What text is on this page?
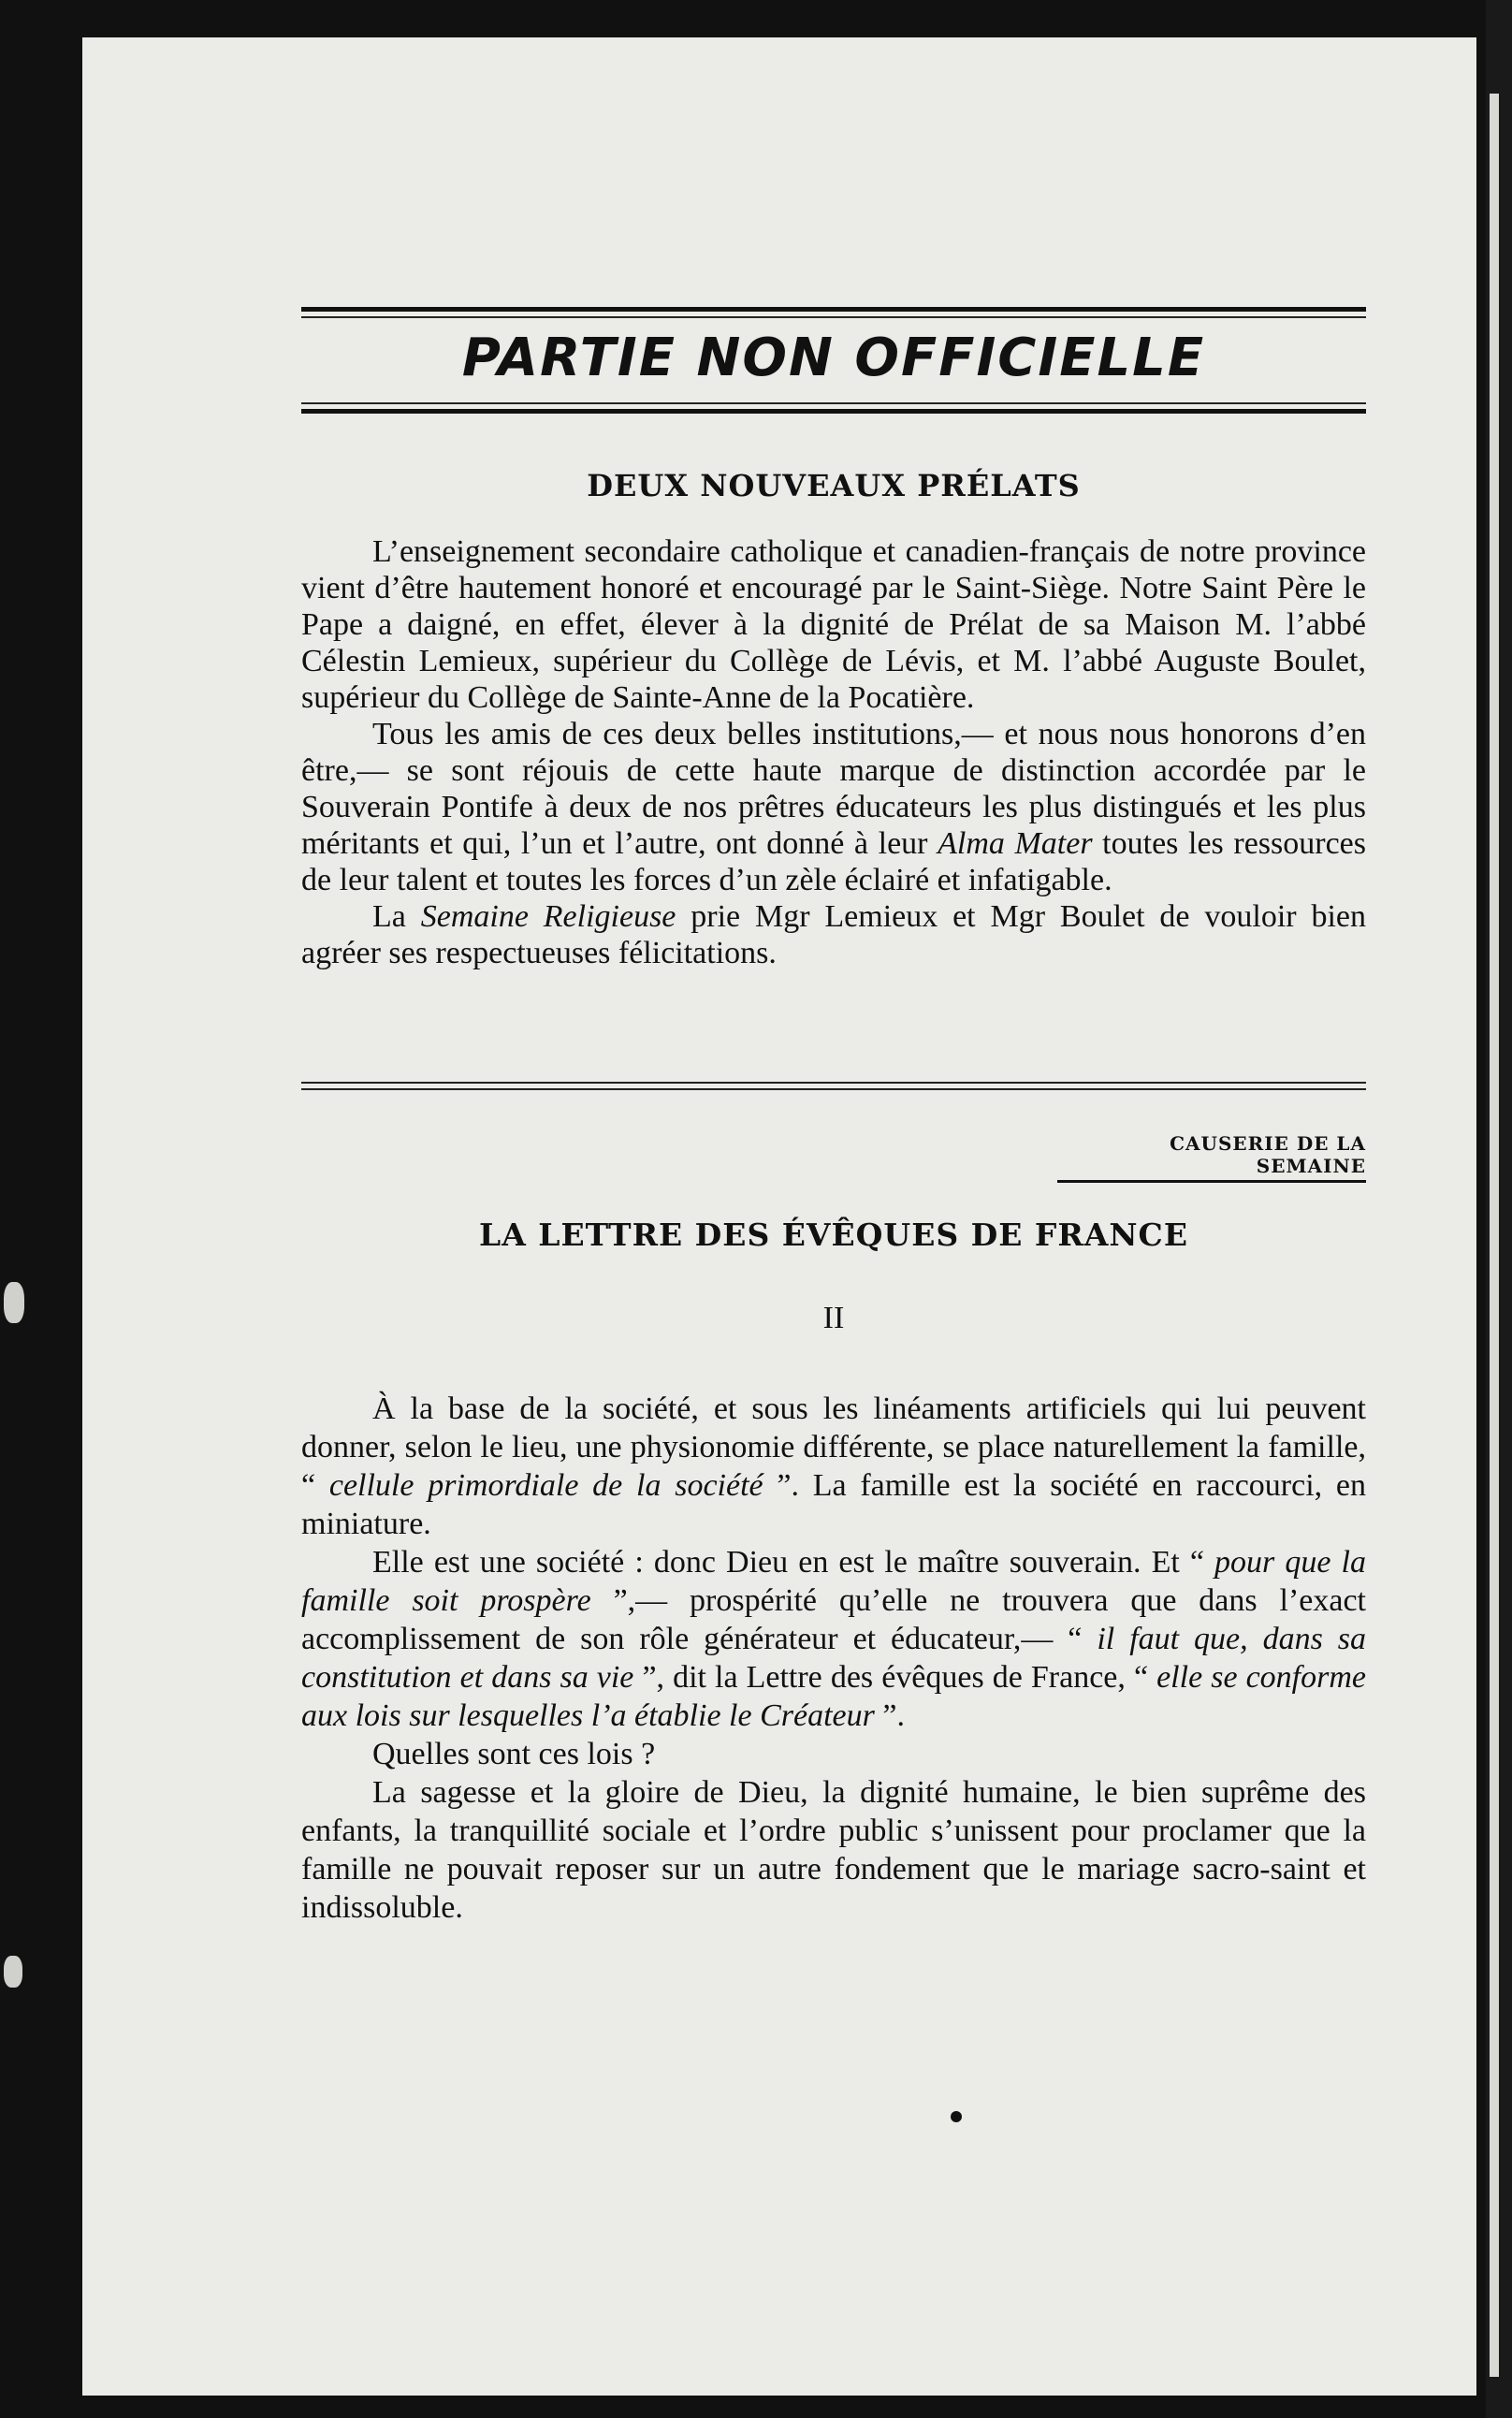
PARTIE NON OFFICIELLE
DEUX NOUVEAUX PRÉLATS

L’enseignement secondaire catholique et canadien-français de notre province vient d’être hautement honoré et encouragé par le Saint-Siège. Notre Saint Père le Pape a daigné, en effet, élever à la dignité de Prélat de sa Maison M. l’abbé Célestin Lemieux, supérieur du Collège de Lévis, et M. l’abbé Auguste Boulet, supérieur du Collège de Sainte-Anne de la Pocatière.

Tous les amis de ces deux belles institutions,— et nous nous honorons d’en être,— se sont réjouis de cette haute marque de distinction accordée par le Souverain Pontife à deux de nos prêtres éducateurs les plus distingués et les plus méritants et qui, l’un et l’autre, ont donné à leur Alma Mater toutes les ressources de leur talent et toutes les forces d’un zèle éclairé et infatigable.

La Semaine Religieuse prie Mgr Lemieux et Mgr Boulet de vouloir bien agréer ses respectueuses félicitations.

CAUSERIE DE LA SEMAINE
LA LETTRE DES ÉVÊQUES DE FRANCE
II

À la base de la société, et sous les linéaments artificiels qui lui peuvent donner, selon le lieu, une physionomie différente, se place naturellement la famille, “ cellule primordiale de la société ”. La famille est la société en raccourci, en miniature.

Elle est une société : donc Dieu en est le maître souverain. Et “ pour que la famille soit prospère ”,— prospérité qu’elle ne trouvera que dans l’exact accomplissement de son rôle générateur et éducateur,— “ il faut que, dans sa constitution et dans sa vie ”, dit la Lettre des évêques de France, “ elle se conforme aux lois sur lesquelles l’a établie le Créateur ”.

Quelles sont ces lois ?

La sagesse et la gloire de Dieu, la dignité humaine, le bien suprême des enfants, la tranquillité sociale et l’ordre public s’unissent pour proclamer que la famille ne pouvait reposer sur un autre fondement que le mariage sacro-saint et indissoluble.
